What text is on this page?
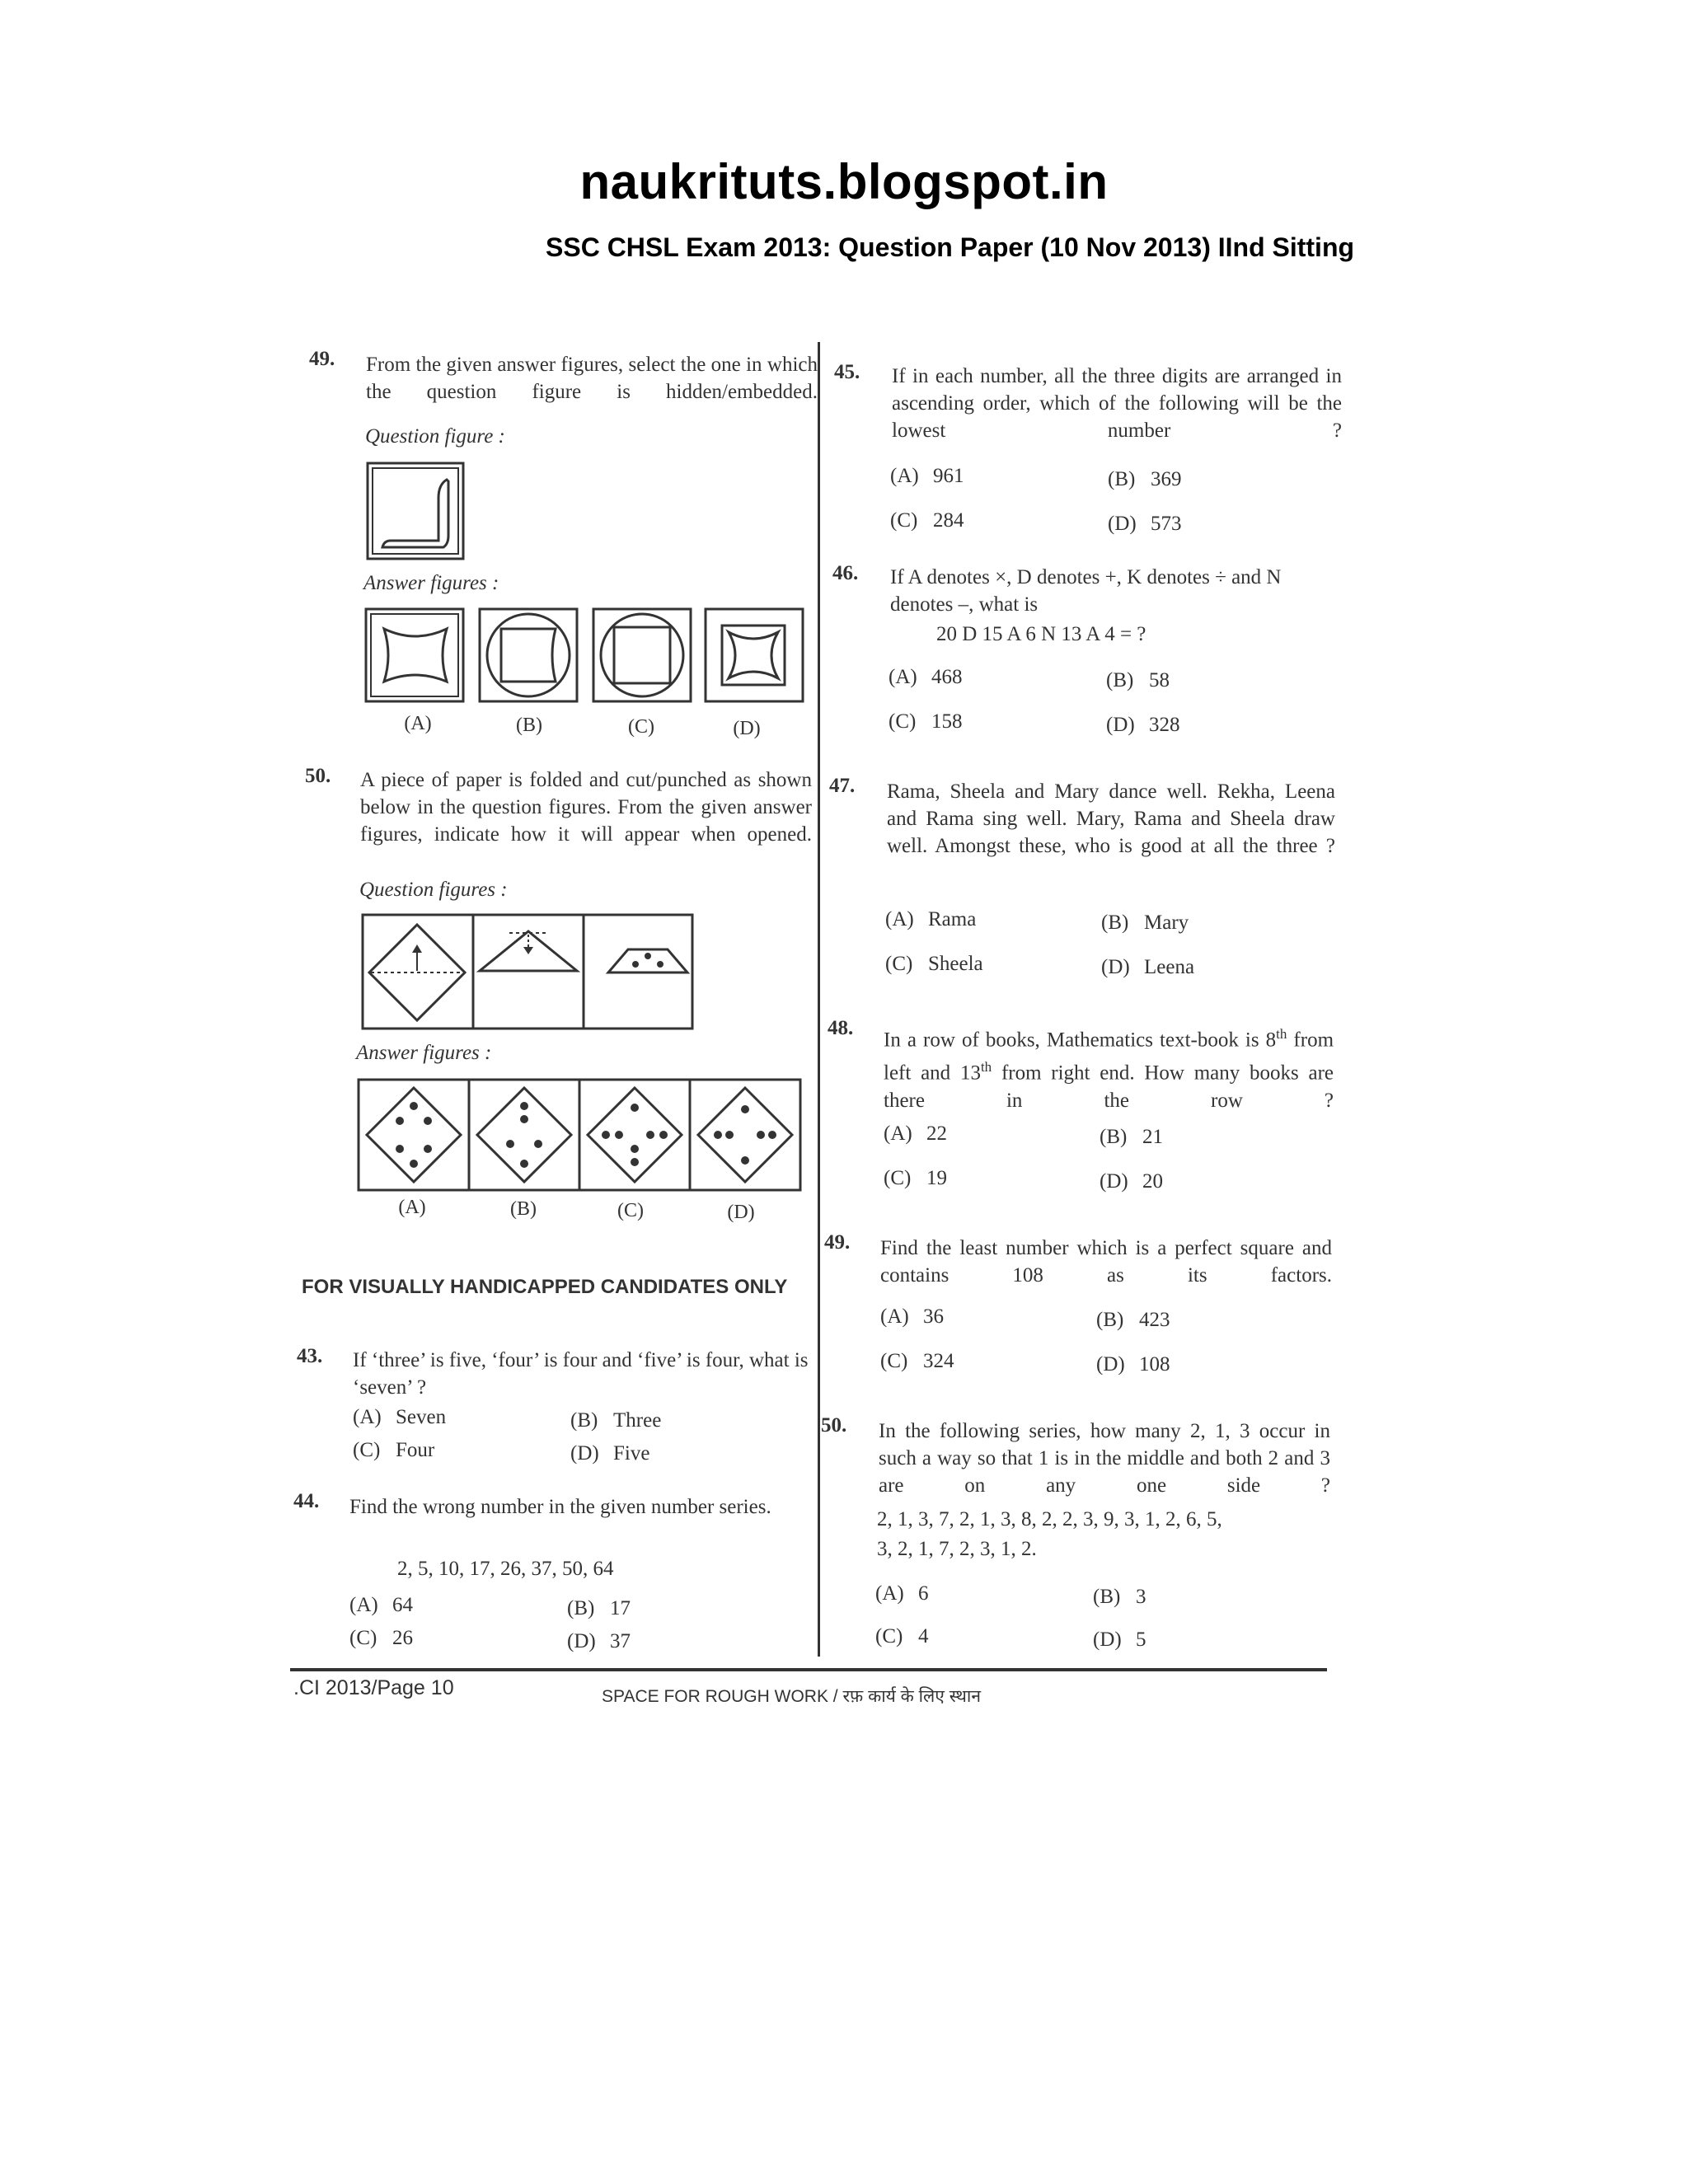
naukrituts.blogspot.in
SSC CHSL Exam 2013: Question Paper (10 Nov 2013) IInd Sitting
49. From the given answer figures, select the one in which the question figure is hidden/embedded.
Question figure :
Answer figures :
(A)	(B)	(C)	(D)
50. A piece of paper is folded and cut/punched as shown below in the question figures. From the given answer figures, indicate how it will appear when opened.
Question figures :
Answer figures :
(A)	(B)	(C)	(D)
FOR VISUALLY HANDICAPPED CANDIDATES ONLY
43. If ‘three’ is five, ‘four’ is four and ‘five’ is four, what is ‘seven’ ?
(A) Seven	(B) Three
(C) Four	(D) Five
44. Find the wrong number in the given number series.
2, 5, 10, 17, 26, 37, 50, 64
(A) 64	(B) 17
(C) 26	(D) 37
45. If in each number, all the three digits are arranged in ascending order, which of the following will be the lowest number ?
(A) 961	(B) 369
(C) 284	(D) 573
46. If A denotes ×, D denotes +, K denotes ÷ and N denotes –, what is
20 D 15 A 6 N 13 A 4 = ?
(A) 468	(B) 58
(C) 158	(D) 328
47. Rama, Sheela and Mary dance well. Rekha, Leena and Rama sing well. Mary, Rama and Sheela draw well. Amongst these, who is good at all the three ?
(A) Rama	(B) Mary
(C) Sheela	(D) Leena
48.
In a row of books, Mathematics text-book is 8th from left and 13th from right end. How many books are there in the row ?
(A) 22	(B) 21
(C) 19	(D) 20
49. Find the least number which is a perfect square and contains 108 as its factors.
(A) 36	(B) 423
(C) 324	(D) 108
50. In the following series, how many 2, 1, 3 occur in such a way so that 1 is in the middle and both 2 and 3 are on any one side ?
2, 1, 3, 7, 2, 1, 3, 8, 2, 2, 3, 9, 3, 1, 2, 6, 5,
3, 2, 1, 7, 2, 3, 1, 2.
(A) 6	(B) 3
(C) 4	(D) 5
.CI 2013/Page 10	SPACE FOR ROUGH WORK / रफ़ कार्य के लिए स्थान
